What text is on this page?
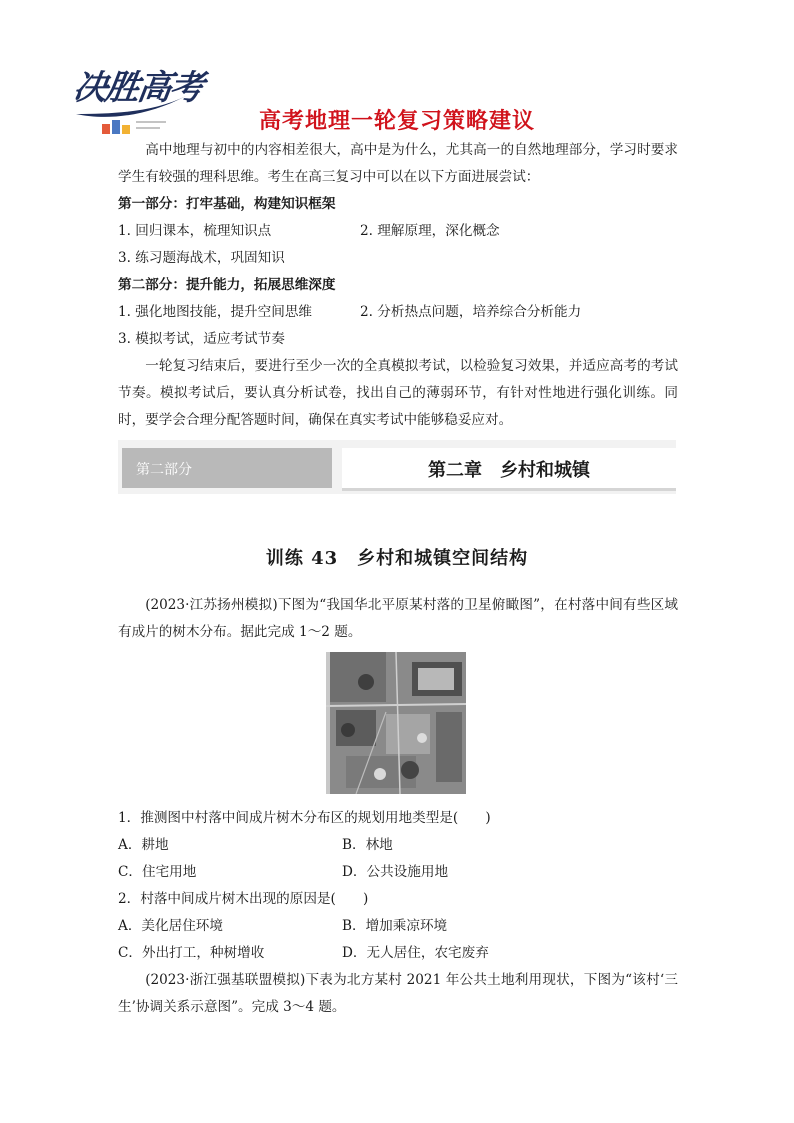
决胜高考
高考地理一轮复习策略建议
高中地理与初中的内容相差很大，高中是为什么，尤其高一的自然地理部分，学习时要求学生有较强的理科思维。考生在高三复习中可以在以下方面进展尝试：
第一部分：打牢基础，构建知识框架
1. 回归课本，梳理知识点	2. 理解原理，深化概念
3. 练习题海战术，巩固知识
第二部分：提升能力，拓展思维深度
1. 强化地图技能，提升空间思维	2. 分析热点问题，培养综合分析能力
3. 模拟考试，适应考试节奏
一轮复习结束后，要进行至少一次的全真模拟考试，以检验复习效果，并适应高考的考试节奏。模拟考试后，要认真分析试卷，找出自己的薄弱环节，有针对性地进行强化训练。同时，要学会合理分配答题时间，确保在真实考试中能够稳妥应对。
第二部分	第二章　乡村和城镇
训练 43　乡村和城镇空间结构
(2023·江苏扬州模拟)下图为“我国华北平原某村落的卫星俯瞰图”，在村落中间有些区域有成片的树木分布。据此完成 1～2 题。
1．推测图中村落中间成片树木分布区的规划用地类型是(　　)
A．耕地	B．林地
C．住宅用地	D．公共设施用地
2．村落中间成片树木出现的原因是(　　)
A．美化居住环境	B．增加乘凉环境
C．外出打工，种树增收	D．无人居住，农宅废弃
(2023·浙江强基联盟模拟)下表为北方某村 2021 年公共土地利用现状，下图为“该村‘三生’协调关系示意图”。完成 3～4 题。
